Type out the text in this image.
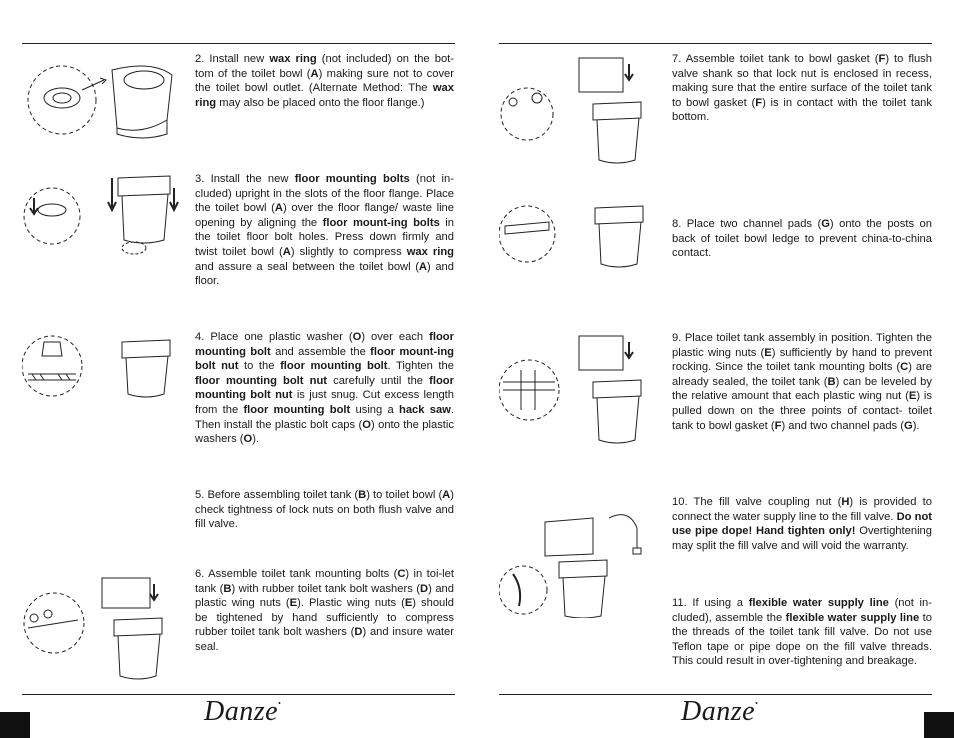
2. Install new wax ring (not included) on the bot-tom of the toilet bowl (A) making sure not to cover the toilet bowl outlet. (Alternate Method: The wax ring may also be placed onto the floor flange.)
3. Install the new floor mounting bolts (not in-cluded) upright in the slots of the floor flange. Place the toilet bowl (A) over the floor flange/ waste line opening by aligning the floor mount-ing bolts in the toilet floor bolt holes. Press down firmly and twist toilet bowl (A) slightly to compress wax ring and assure a seal between the toilet bowl (A) and floor.
4. Place one plastic washer (O) over each floor mounting bolt and assemble the floor mount-ing bolt nut to the floor mounting bolt. Tighten the floor mounting bolt nut carefully until the floor mounting bolt nut is just snug. Cut excess length from the floor mounting bolt using a hack saw. Then install the plastic bolt caps (O) onto the plastic washers (O).
5. Before assembling toilet tank (B) to toilet bowl (A) check tightness of lock nuts on both flush valve and fill valve.
6. Assemble toilet tank mounting bolts (C) in toi-let tank (B) with rubber toilet tank bolt washers (D) and plastic wing nuts (E). Plastic wing nuts (E) should be tightened by hand sufficiently to compress rubber toilet tank bolt washers (D) and insure water seal.
7. Assemble toilet tank to bowl gasket (F) to flush valve shank so that lock nut is enclosed in recess, making sure that the entire surface of the toilet tank to bowl gasket (F) is in contact with the toilet tank bottom.
8. Place two channel pads (G) onto the posts on back of toilet bowl ledge to prevent china-to-china contact.
9. Place toilet tank assembly in position. Tighten the plastic wing nuts (E) sufficiently by hand to prevent rocking. Since the toilet tank mounting bolts (C) are already sealed, the toilet tank (B) can be leveled by the relative amount that each plastic wing nut (E) is pulled down on the three points of contact- toilet tank to bowl gasket (F) and two channel pads (G).
10. The fill valve coupling nut (H) is provided to connect the water supply line to the fill valve. Do not use pipe dope! Hand tighten only! Overtightening may split the fill valve and will void the warranty.
11. If using a flexible water supply line (not in-cluded), assemble the flexible water supply line to the threads of the toilet tank fill valve. Do not use Teflon tape or pipe dope on the fill valve threads. This could result in over-tightening and breakage.
Danze•	Danze•
